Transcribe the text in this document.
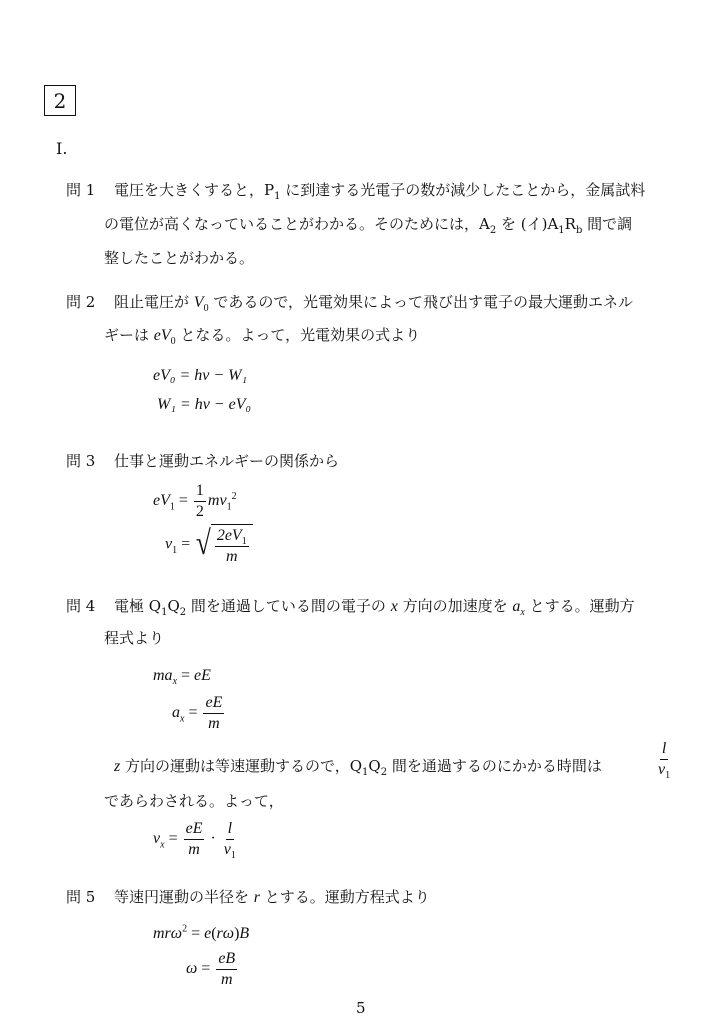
2
I.
問 1 電圧を大きくすると，$P_1$ に到達する光電子の数が減少したことから，金属試料
の電位が高くなっていることがわかる。そのためには，$A_2$ を (イ)$A_1R_b$ 間で調
整したことがわかる。
問 2 阻止電圧が $V_0$ であるので，光電効果によって飛び出す電子の最大運動エネル
ギーは $eV_0$ となる。よって，光電効果の式より
eV₀ = hν − W₁
W₁ = hν − eV₀
問 3 仕事と運動エネルギーの関係から
$eV_1 = \frac{1}{2} mv_1^2$
$v_1$ = √ $\frac{2eV_1}{m}$
問 4 電極 $Q_1Q_2$ 間を通過している間の電子の x 方向の加速度を $a_x$ とする。運動方
程式より
$ma_x$ = eE
$a_x = \frac{eE}{m}$
z 方向の運動は等速運動するので，$Q_1Q_2$ 間を通過するのにかかる時間は	$\frac{l}{v_1}$
であらわされる。よって，
$v_x = \frac{eE}{m} \cdot \frac{l}{v_1}$
問 5 等速円運動の半径を r とする。運動方程式より
mrω$^2$ = e(rω)B
$\omega = \frac{eB}{m}$
5
